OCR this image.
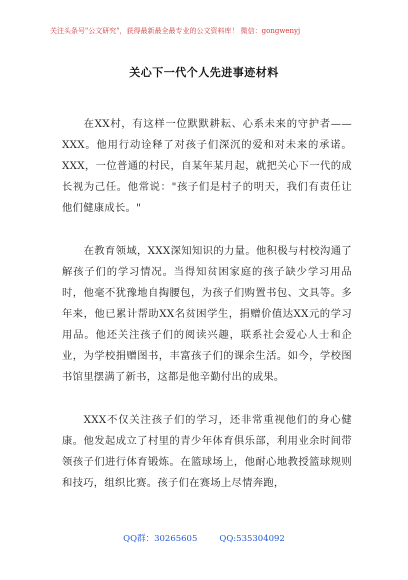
关注头条号"公文研究"，获得最新最全最专业的公文资料库！ 微信：gongwenyj
关心下一代个人先进事迹材料

在XX村，有这样一位默默耕耘、心系未来的守护者——XXX。他用行动诠释了对孩子们深沉的爱和对未来的承诺。XXX，一位普通的村民，自某年某月起，就把关心下一代的成长视为己任。他常说："孩子们是村子的明天，我们有责任让他们健康成长。"

在教育领域，XXX深知知识的力量。他积极与村校沟通了解孩子们的学习情况。当得知贫困家庭的孩子缺少学习用品时，他毫不犹豫地自掏腰包，为孩子们购置书包、文具等。多年来，他已累计帮助XX名贫困学生，捐赠价值达XX元的学习用品。他还关注孩子们的阅读兴趣，联系社会爱心人士和企业，为学校捐赠图书，丰富孩子们的课余生活。如今，学校图书馆里摆满了新书，这都是他辛勤付出的成果。

XXX不仅关注孩子们的学习，还非常重视他们的身心健康。他发起成立了村里的青少年体育俱乐部，利用业余时间带领孩子们进行体育锻炼。在篮球场上，他耐心地教授篮球规则和技巧，组织比赛。孩子们在赛场上尽情奔跑，

QQ群：30265605	QQ:535304092
